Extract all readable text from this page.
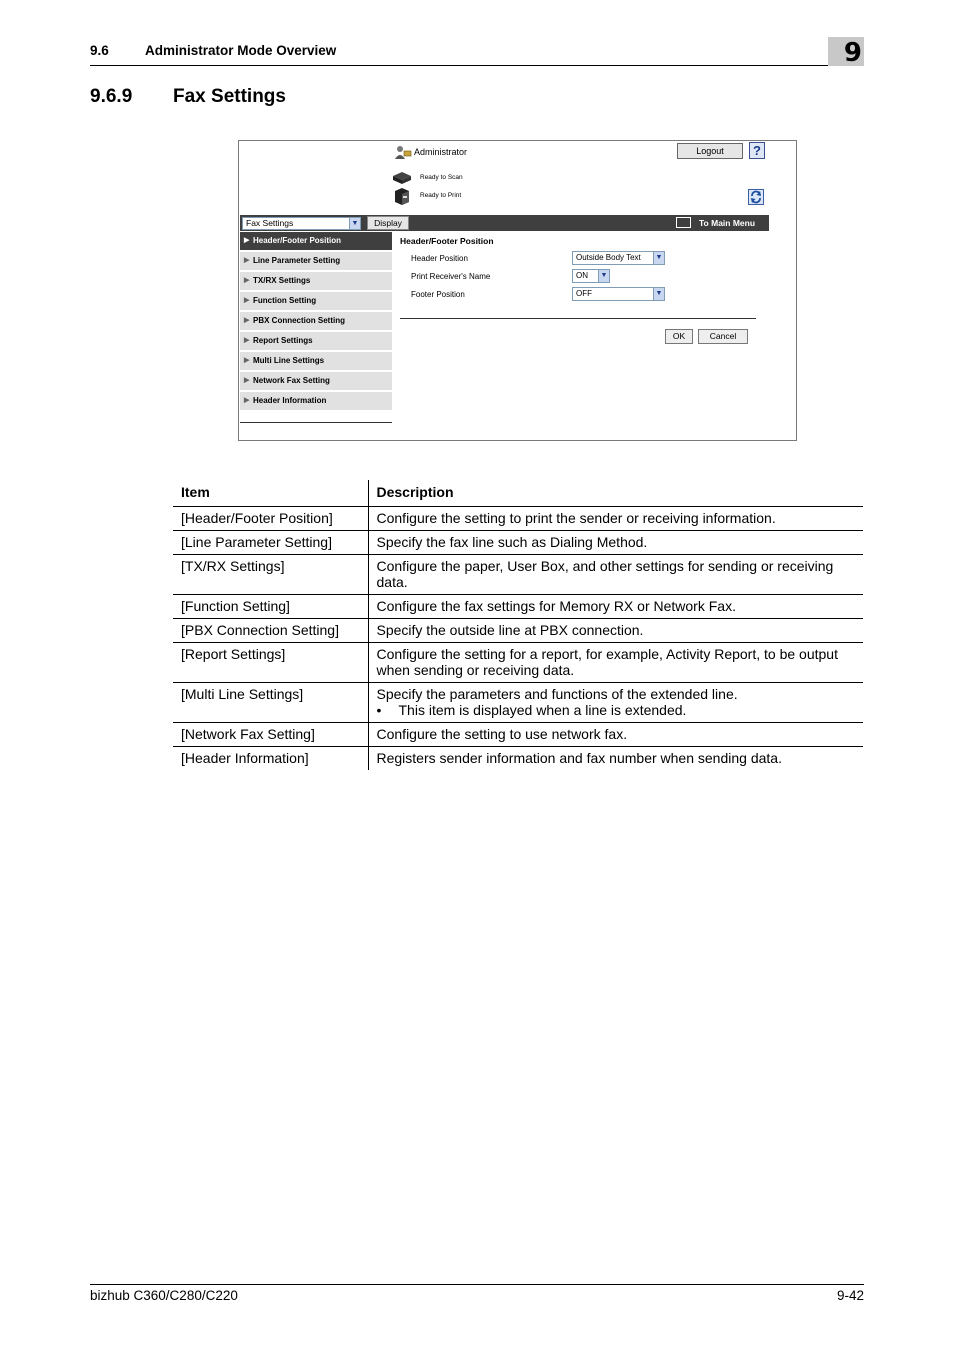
9.6	Administrator Mode Overview	9
9.6.9 Fax Settings
Administrator	Logout	?
Ready to Scan
Ready to Print
Fax Settings	▼	Display	To Main Menu
▶ Header/Footer Position
▶ Line Parameter Setting
▶ TX/RX Settings
▶ Function Setting
▶ PBX Connection Setting
▶ Report Settings
▶ Multi Line Settings
▶ Network Fax Setting
▶ Header Information
Header/Footer Position
Header Position	Outside Body Text	▼
Print Receiver's Name	ON	▼
Footer Position	OFF	▼
OK	Cancel
Item	Description
[Header/Footer Position]	Configure the setting to print the sender or receiving information.
[Line Parameter Setting]	Specify the fax line such as Dialing Method.
[TX/RX Settings]	Configure the paper, User Box, and other settings for sending or receiving data.
[Function Setting]	Configure the fax settings for Memory RX or Network Fax.
[PBX Connection Setting]	Specify the outside line at PBX connection.
[Report Settings]	Configure the setting for a report, for example, Activity Report, to be output when sending or receiving data.
[Multi Line Settings]	Specify the parameters and functions of the extended line.
• This item is displayed when a line is extended.

[Network Fax Setting]	Configure the setting to use network fax.
[Header Information]	Registers sender information and fax number when sending data.
bizhub C360/C280/C220	9-42
